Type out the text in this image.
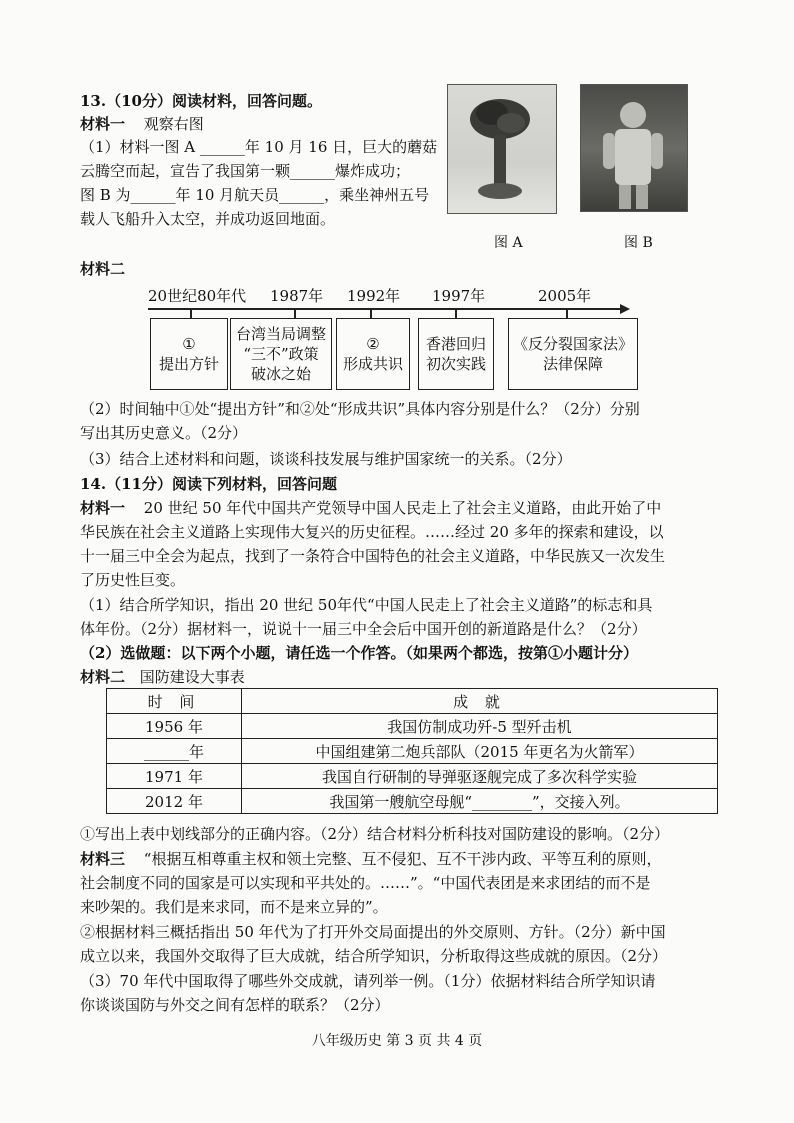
13.（10分）阅读材料，回答问题。
材料一 观察右图
（1）材料一图 A ______年 10 月 16 日，巨大的蘑菇
云腾空而起，宣告了我国第一颗______爆炸成功；
图 B 为______年 10 月航天员______，乘坐神州五号
载人飞船升入太空，并成功返回地面。
图 A	图 B
材料二
20世纪80年代 1987年 1992年 1997年	2005年
①
提出方针
台湾当局调整
“三不”政策
破冰之始
②
形成共识
香港回归
初次实践
《反分裂国家法》
法律保障
（2）时间轴中①处“提出方针”和②处“形成共识”具体内容分别是什么？（2分）分别
写出其历史意义。（2分）
（3）结合上述材料和问题，谈谈科技发展与维护国家统一的关系。（2分）
14.（11分）阅读下列材料，回答问题
材料一 20 世纪 50 年代中国共产党领导中国人民走上了社会主义道路，由此开始了中
华民族在社会主义道路上实现伟大复兴的历史征程。……经过 20 多年的探索和建设，以
十一届三中全会为起点，找到了一条符合中国特色的社会主义道路，中华民族又一次发生
了历史性巨变。
（1）结合所学知识，指出 20 世纪 50年代“中国人民走上了社会主义道路”的标志和具
体年份。（2分）据材料一，说说十一届三中全会后中国开创的新道路是什么？（2分）
（2）选做题：以下两个小题，请任选一个作答。（如果两个都选，按第①小题计分）
材料二 国防建设大事表
时 间	成 就
1956 年	我国仿制成功歼-5 型歼击机
______年	中国组建第二炮兵部队（2015 年更名为火箭军）
1971 年	我国自行研制的导弹驱逐舰完成了多次科学实验
2012 年	我国第一艘航空母舰“________”，交接入列。
①写出上表中划线部分的正确内容。（2分）结合材料分析科技对国防建设的影响。（2分）
材料三 “根据互相尊重主权和领土完整、互不侵犯、互不干涉内政、平等互利的原则，
社会制度不同的国家是可以实现和平共处的。……”。“中国代表团是来求团结的而不是
来吵架的。我们是来求同，而不是来立异的”。
②根据材料三概括指出 50 年代为了打开外交局面提出的外交原则、方针。（2分）新中国
成立以来，我国外交取得了巨大成就，结合所学知识，分析取得这些成就的原因。（2分）
（3）70 年代中国取得了哪些外交成就，请列举一例。（1分）依据材料结合所学知识请
你谈谈国防与外交之间有怎样的联系？（2分）
八年级历史 第 3 页 共 4 页
